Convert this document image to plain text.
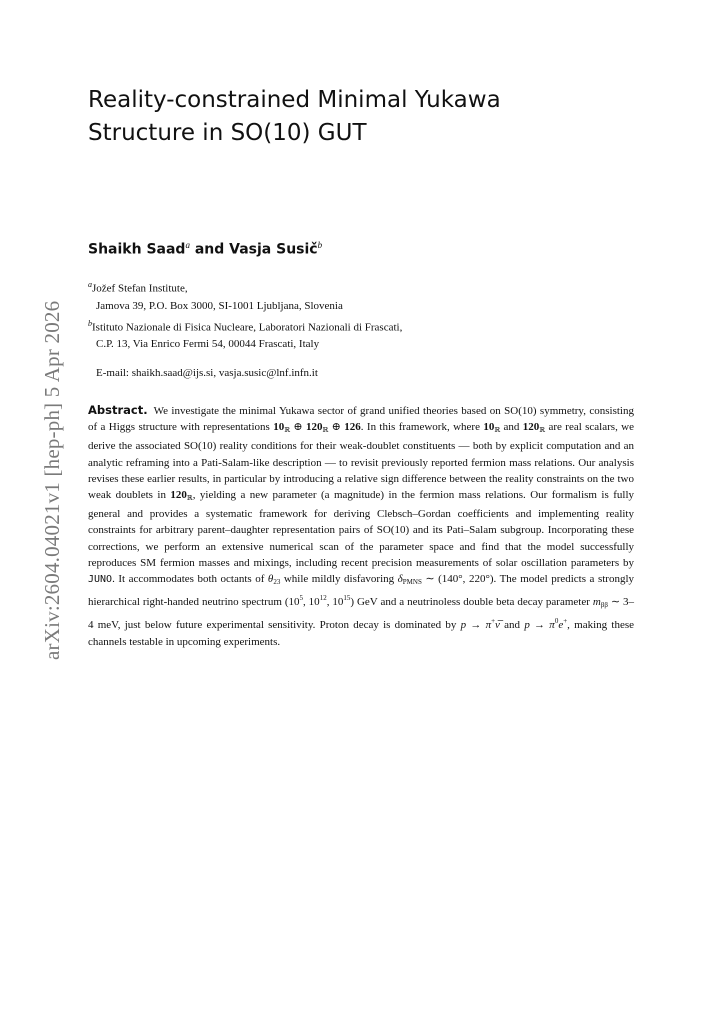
arXiv:2604.04021v1 [hep-ph] 5 Apr 2026
Reality-constrained Minimal Yukawa
Structure in SO(10) GUT
Shaikh Saad$^a$ and Vasja Susič$^b$
$^a$Jožef Stefan Institute,
Jamova 39, P.O. Box 3000, SI-1001 Ljubljana, Slovenia
$^b$Istituto Nazionale di Fisica Nucleare, Laboratori Nazionali di Frascati,
C.P. 13, Via Enrico Fermi 54, 00044 Frascati, Italy
E-mail: shaikh.saad@ijs.si, vasja.susic@lnf.infn.it
Abstract. We investigate the minimal Yukawa sector of grand unified theories based on SO(10) symmetry, consisting of a Higgs structure with representations $10_ℝ$ ⊕ $120_ℝ$ ⊕ 126. In this framework, where $10_ℝ$ and $120_ℝ$ are real scalars, we derive the associated SO(10) reality conditions for their weak-doublet constituents — both by explicit computation and an analytic reframing into a Pati-Salam-like description — to revisit previously reported fermion mass relations. Our analysis revises these earlier results, in particular by introducing a relative sign difference between the reality constraints on the two weak doublets in $120_ℝ$, yielding a new parameter (a magnitude) in the fermion mass relations. Our formalism is fully general and provides a systematic framework for deriving Clebsch–Gordan coefficients and implementing reality constraints for arbitrary parent–daughter representation pairs of SO(10) and its Pati–Salam subgroup. Incorporating these corrections, we perform an extensive numerical scan of the parameter space and find that the model successfully reproduces SM fermion masses and mixings, including recent precision measurements of solar oscillation parameters by JUNO. It accommodates both octants of $\theta_{23}$ while mildly disfavoring $\delta_{PMNS}$ ∼ (140°, 220°). The model predicts a strongly hierarchical right-handed neutrino spectrum ($10^5$, $10^{12}$, $10^{15}$) GeV and a neutrinoless double beta decay parameter $m_{\beta\beta}$ ∼ 3–4 meV, just below future experimental sensitivity. Proton decay is dominated by p → π+ν̅ and $p \to \pi^0e^+$, making these channels testable in upcoming experiments.
